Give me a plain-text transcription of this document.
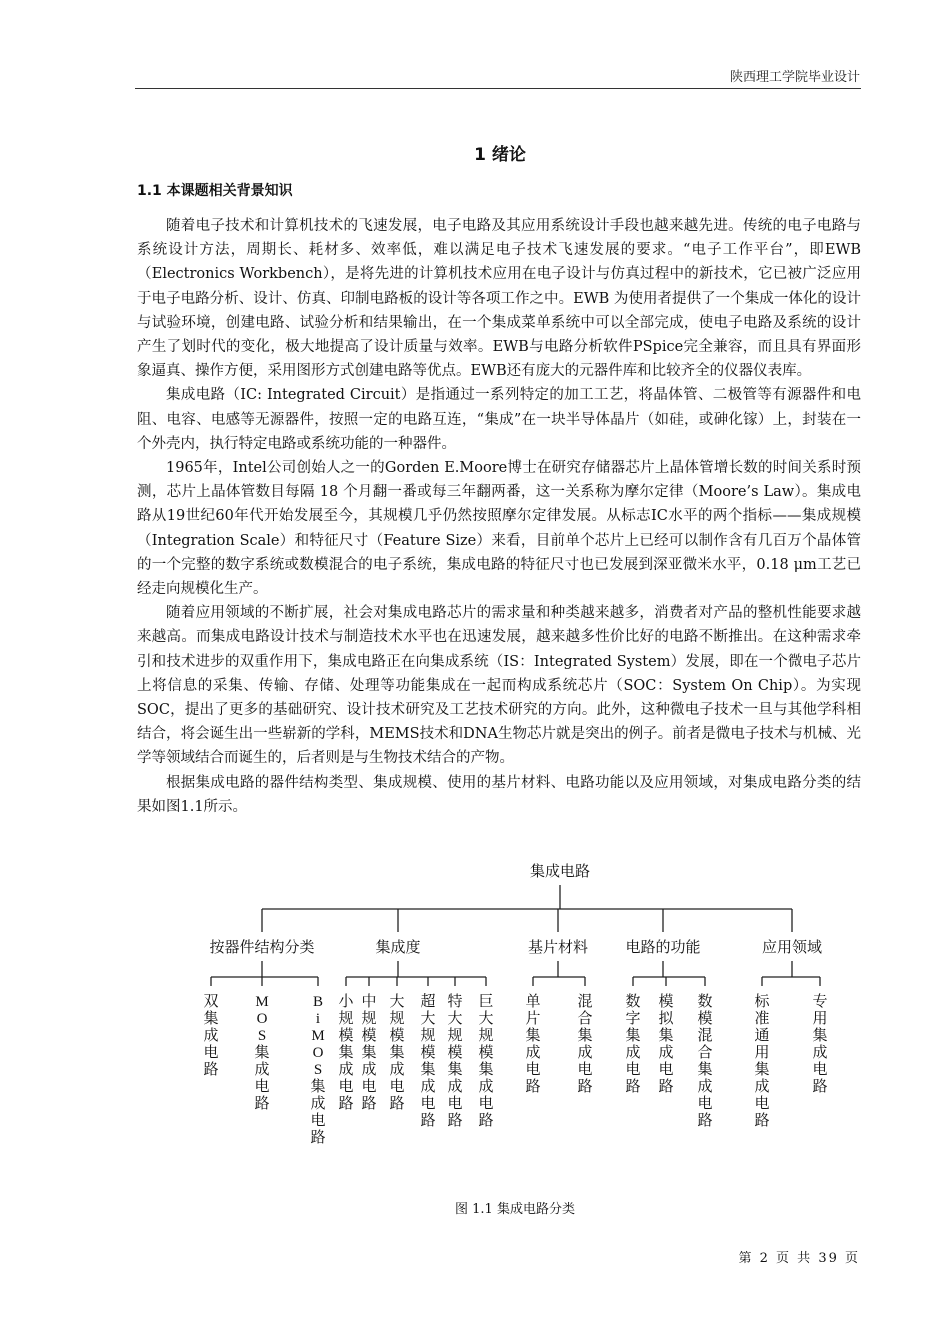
陕西理工学院毕业设计
1 绪论
1.1 本课题相关背景知识

随着电子技术和计算机技术的飞速发展，电子电路及其应用系统设计手段也越来越先进。传统的电子电路与系统设计方法，周期长、耗材多、效率低，难以满足电子技术飞速发展的要求。“电子工作平台”，即EWB（Electronics Workbench），是将先进的计算机技术应用在电子设计与仿真过程中的新技术，它已被广泛应用于电子电路分析、设计、仿真、印制电路板的设计等各项工作之中。EWB 为使用者提供了一个集成一体化的设计与试验环境，创建电路、试验分析和结果输出，在一个集成菜单系统中可以全部完成，使电子电路及系统的设计产生了划时代的变化，极大地提高了设计质量与效率。EWB与电路分析软件PSpice完全兼容，而且具有界面形象逼真、操作方便，采用图形方式创建电路等优点。EWB还有庞大的元器件库和比较齐全的仪器仪表库。

集成电路（IC: Integrated Circuit）是指通过一系列特定的加工工艺，将晶体管、二极管等有源器件和电阻、电容、电感等无源器件，按照一定的电路互连，“集成”在一块半导体晶片（如硅，或砷化镓）上，封装在一个外壳内，执行特定电路或系统功能的一种器件。

1965年，Intel公司创始人之一的Gorden E.Moore博士在研究存储器芯片上晶体管增长数的时间关系时预测，芯片上晶体管数目每隔 18 个月翻一番或每三年翻两番，这一关系称为摩尔定律（Moore’s Law）。集成电路从19世纪60年代开始发展至今，其规模几乎仍然按照摩尔定律发展。从标志IC水平的两个指标——集成规模（Integration Scale）和特征尺寸（Feature Size）来看，目前单个芯片上已经可以制作含有几百万个晶体管的一个完整的数字系统或数模混合的电子系统，集成电路的特征尺寸也已发展到深亚微米水平，0.18 μm工艺已经走向规模化生产。

随着应用领域的不断扩展，社会对集成电路芯片的需求量和种类越来越多，消费者对产品的整机性能要求越来越高。而集成电路设计技术与制造技术水平也在迅速发展，越来越多性价比好的电路不断推出。在这种需求牵引和技术进步的双重作用下，集成电路正在向集成系统（IS：Integrated System）发展，即在一个微电子芯片上将信息的采集、传输、存储、处理等功能集成在一起而构成系统芯片（SOC：System On Chip）。为实现SOC，提出了更多的基础研究、设计技术研究及工艺技术研究的方向。此外，这种微电子技术一旦与其他学科相结合，将会诞生出一些崭新的学科，MEMS技术和DNA生物芯片就是突出的例子。前者是微电子技术与机械、光学等领域结合而诞生的，后者则是与生物技术结合的产物。

根据集成电路的器件结构类型、集成规模、使用的基片材料、电路功能以及应用领域，对集成电路分类的结果如图1.1所示。

集成电路
按器件结构分类
双集成电路
M O S 集成电路
B i M O S 集成电路
集成度
小规模集成电路
中规模集成电路
大规模集成电路
超大规模集成电路
特大规模集成电路
巨大规模集成电路
基片材料
单片集成电路
混合集成电路
电路的功能
数字集成电路
模拟集成电路
数模混合集成电路
应用领域
标准通用集成电路
专用集成电路
图 1.1 集成电路分类
第 2 页 共 39 页
